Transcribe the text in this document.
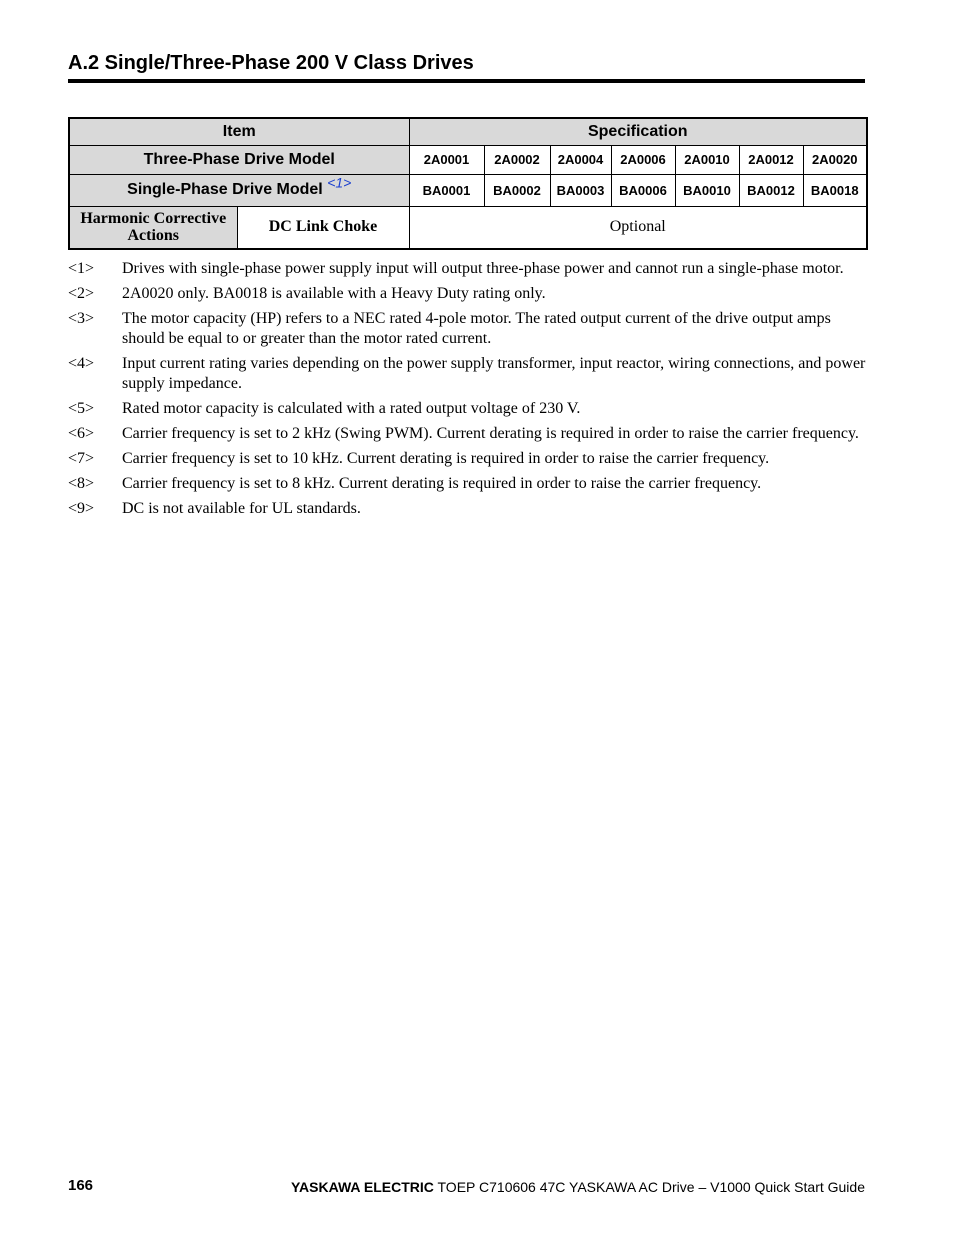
A.2 Single/Three-Phase 200 V Class Drives
Item		Specification						
Three-Phase Drive Model		2A0001	2A0002	2A0004	2A0006	2A0010	2A0012	2A0020
Single-Phase Drive Model <1>		BA0001	BA0002	BA0003	BA0006	BA0010	BA0012	BA0018
Harmonic Corrective Actions	DC Link Choke	Optional						
<1>	Drives with single-phase power supply input will output three-phase power and cannot run a single-phase motor.
<2>	2A0020 only. BA0018 is available with a Heavy Duty rating only.
<3>	The motor capacity (HP) refers to a NEC rated 4-pole motor. The rated output current of the drive output amps should be equal to or greater than the motor rated current.
<4>	Input current rating varies depending on the power supply transformer, input reactor, wiring connections, and power supply impedance.
<5>	Rated motor capacity is calculated with a rated output voltage of 230 V.
<6>	Carrier frequency is set to 2 kHz (Swing PWM). Current derating is required in order to raise the carrier frequency.
<7>	Carrier frequency is set to 10 kHz. Current derating is required in order to raise the carrier frequency.
<8>	Carrier frequency is set to 8 kHz. Current derating is required in order to raise the carrier frequency.
<9>	DC is not available for UL standards.
166	YASKAWA ELECTRIC TOEP C710606 47C YASKAWA AC Drive – V1000 Quick Start Guide
